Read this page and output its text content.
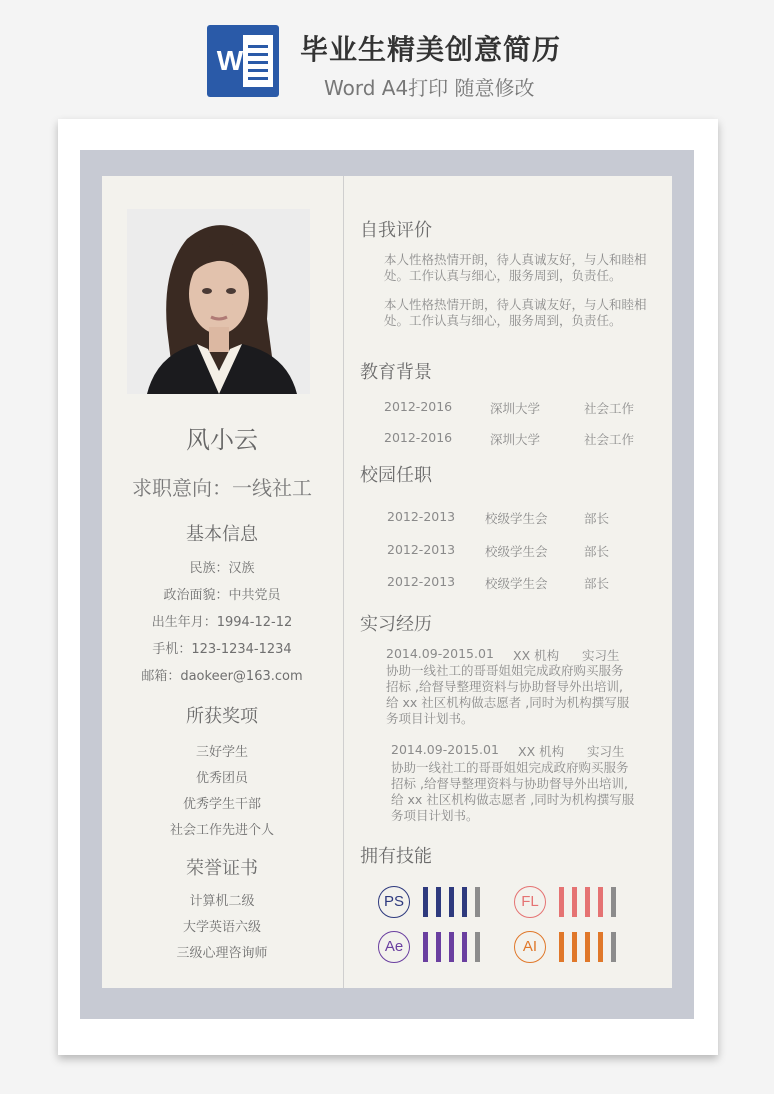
W 毕业生精美创意简历
Word A4打印 随意修改
风小云
求职意向：一线社工
基本信息
民族：汉族
政治面貌：中共党员
出生年月：1994-12-12
手机：123-1234-1234
邮箱：daokeer@163.com
所获奖项
三好学生
优秀团员
优秀学生干部
社会工作先进个人
荣誉证书
计算机二级
大学英语六级
三级心理咨询师
自我评价
本人性格热情开朗，待人真诚友好，与人和睦相
处。工作认真与细心，服务周到，负责任。
本人性格热情开朗，待人真诚友好，与人和睦相
处。工作认真与细心，服务周到，负责任。
教育背景
2012-2016	深圳大学	社会工作
2012-2016	深圳大学	社会工作
校园任职
2012-2013 校级学生会	部长
2012-2013 校级学生会	部长
2012-2013 校级学生会	部长
实习经历
2014.09-2015.01 XX 机构 实习生
协助一线社工的哥哥姐姐完成政府购买服务
招标 ,给督导整理资料与协助督导外出培训,
给 xx 社区机构做志愿者 ,同时为机构撰写服
务项目计划书。
2014.09-2015.01 XX 机构 实习生
协助一线社工的哥哥姐姐完成政府购买服务
招标 ,给督导整理资料与协助督导外出培训,
给 xx 社区机构做志愿者 ,同时为机构撰写服
务项目计划书。
拥有技能
PS	FL
Ae	AI
